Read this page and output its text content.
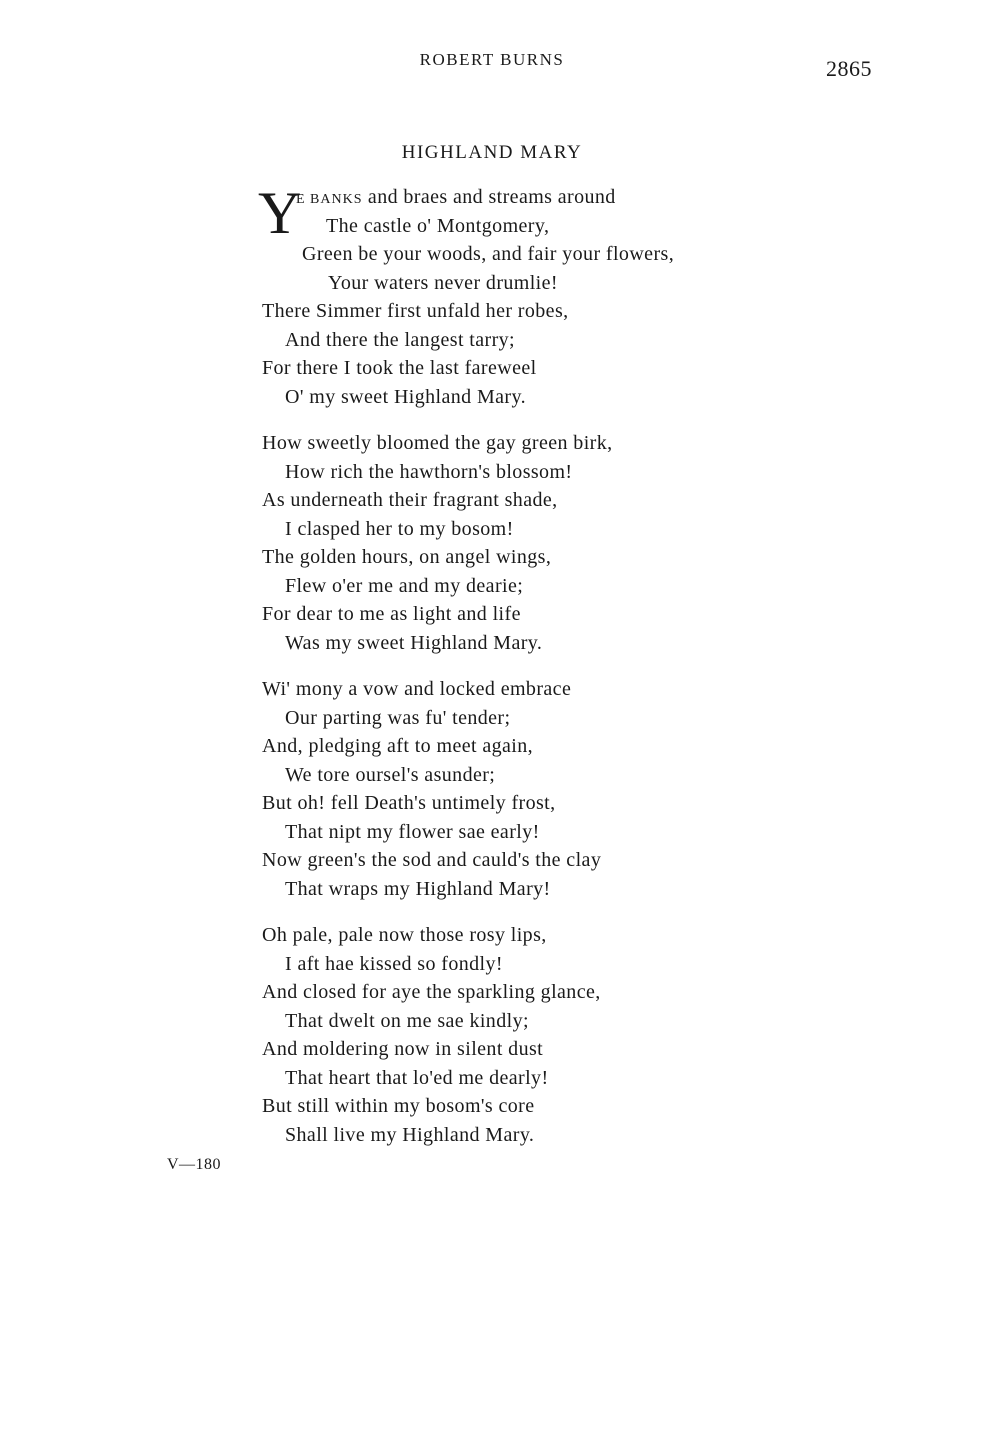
ROBERT BURNS	2865
HIGHLAND MARY
Y
E BANKS and braes and streams around
The castle o' Montgomery,
Green be your woods, and fair your flowers,
Your waters never drumlie!
There Simmer first unfald her robes,
And there the langest tarry;
For there I took the last fareweel
O' my sweet Highland Mary.
How sweetly bloomed the gay green birk,
How rich the hawthorn's blossom!
As underneath their fragrant shade,
I clasped her to my bosom!
The golden hours, on angel wings,
Flew o'er me and my dearie;
For dear to me as light and life
Was my sweet Highland Mary.
Wi' mony a vow and locked embrace
Our parting was fu' tender;
And, pledging aft to meet again,
We tore oursel's asunder;
But oh! fell Death's untimely frost,
That nipt my flower sae early!
Now green's the sod and cauld's the clay
That wraps my Highland Mary!
Oh pale, pale now those rosy lips,
I aft hae kissed so fondly!
And closed for aye the sparkling glance,
That dwelt on me sae kindly;
And moldering now in silent dust
That heart that lo'ed me dearly!
But still within my bosom's core
Shall live my Highland Mary.
V—180
